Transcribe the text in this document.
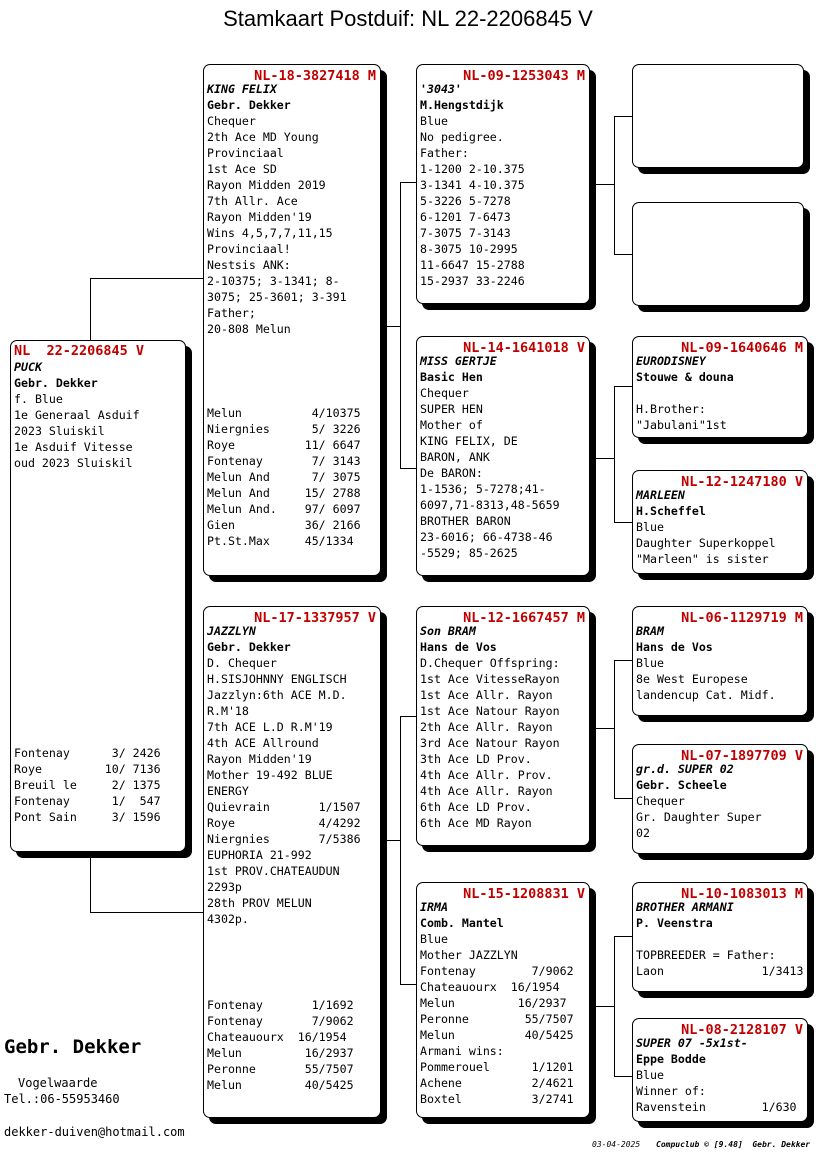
Stamkaart Postduif: NL 22-2206845 V
NL  22-2206845 V
PUCK
Gebr. Dekker
f. Blue
1e Generaal Asduif
2023 Sluiskil
1e Asduif Vitesse
oud 2023 Sluiskil
Fontenay      3/ 2426
Roye         10/ 7136
Breuil le     2/ 1375
Fontenay      1/  547
Pont Sain     3/ 1596
NL-18-3827418 M
KING FELIX
Gebr. Dekker
Chequer
2th Ace MD Young
Provinciaal
1st Ace SD
Rayon Midden 2019
7th Allr. Ace
Rayon Midden'19
Wins 4,5,7,7,11,15
Provinciaal!
Nestsis ANK:
2-10375; 3-1341; 8-
3075; 25-3601; 3-391
Father;
20-808 Melun
Melun          4/10375
Niergnies      5/ 3226
Roye          11/ 6647
Fontenay       7/ 3143
Melun And      7/ 3075
Melun And     15/ 2788
Melun And.    97/ 6097
Gien          36/ 2166
Pt.St.Max     45/1334
NL-17-1337957 V
JAZZLYN
Gebr. Dekker
D. Chequer
H.SISJOHNNY ENGLISCH
Jazzlyn:6th ACE M.D.
R.M'18
7th ACE L.D R.M'19
4th ACE Allround
Rayon Midden'19
Mother 19-492 BLUE
ENERGY
Quievrain       1/1507
Roye            4/4292
Niergnies       7/5386
EUPHORIA 21-992
1st PROV.CHATEAUDUN
2293p
28th PROV MELUN
4302p.
Fontenay       1/1692
Fontenay       7/9062
Chateauourx  16/1954
Melun         16/2937
Peronne       55/7507
Melun         40/5425
NL-09-1253043 M
'3043'
M.Hengstdijk
Blue
No pedigree.
Father:
1-1200 2-10.375
3-1341 4-10.375
5-3226 5-7278
6-1201 7-6473
7-3075 7-3143
8-3075 10-2995
11-6647 15-2788
15-2937 33-2246
NL-14-1641018 V
MISS GERTJE
Basic Hen
Chequer
SUPER HEN
Mother of
KING FELIX, DE
BARON, ANK
De BARON:
1-1536; 5-7278;41-
6097,71-8313,48-5659
BROTHER BARON
23-6016; 66-4738-46
-5529; 85-2625
NL-12-1667457 M
Son BRAM
Hans de Vos
D.Chequer Offspring:
1st Ace VitesseRayon
1st Ace Allr. Rayon
1st Ace Natour Rayon
2th Ace Allr. Rayon
3rd Ace Natour Rayon
3th Ace LD Prov.
4th Ace Allr. Prov.
4th Ace Allr. Rayon
6th Ace LD Prov.
6th Ace MD Rayon
NL-15-1208831 V
IRMA
Comb. Mantel
Blue
Mother JAZZLYN
Fontenay        7/9062
Chateauourx  16/1954
Melun         16/2937
Peronne        55/7507
Melun          40/5425
Armani wins:
Pommerouel      1/1201
Achene          2/4621
Boxtel          3/2741
NL-09-1640646 M
EURODISNEY
Stouwe & douna
H.Brother:
"Jabulani"1st
NL-12-1247180 V
MARLEEN
H.Scheffel
Blue
Daughter Superkoppel
"Marleen" is sister
NL-06-1129719 M
BRAM
Hans de Vos
Blue
8e West Europese
landencup Cat. Midf.
NL-07-1897709 V
gr.d. SUPER 02
Gebr. Scheele
Chequer
Gr. Daughter Super
02
NL-10-1083013 M
BROTHER ARMANI
P. Veenstra
TOPBREEDER = Father:
Laon              1/3413
NL-08-2128107 V
SUPER 07 -5x1st-
Eppe Bodde
Blue
Winner of:
Ravenstein        1/630
Gebr. Dekker
Vogelwaarde
Tel.:06-55953460
dekker-duiven@hotmail.com
03-04-2025 Compuclub © [9.48]  Gebr. Dekker
